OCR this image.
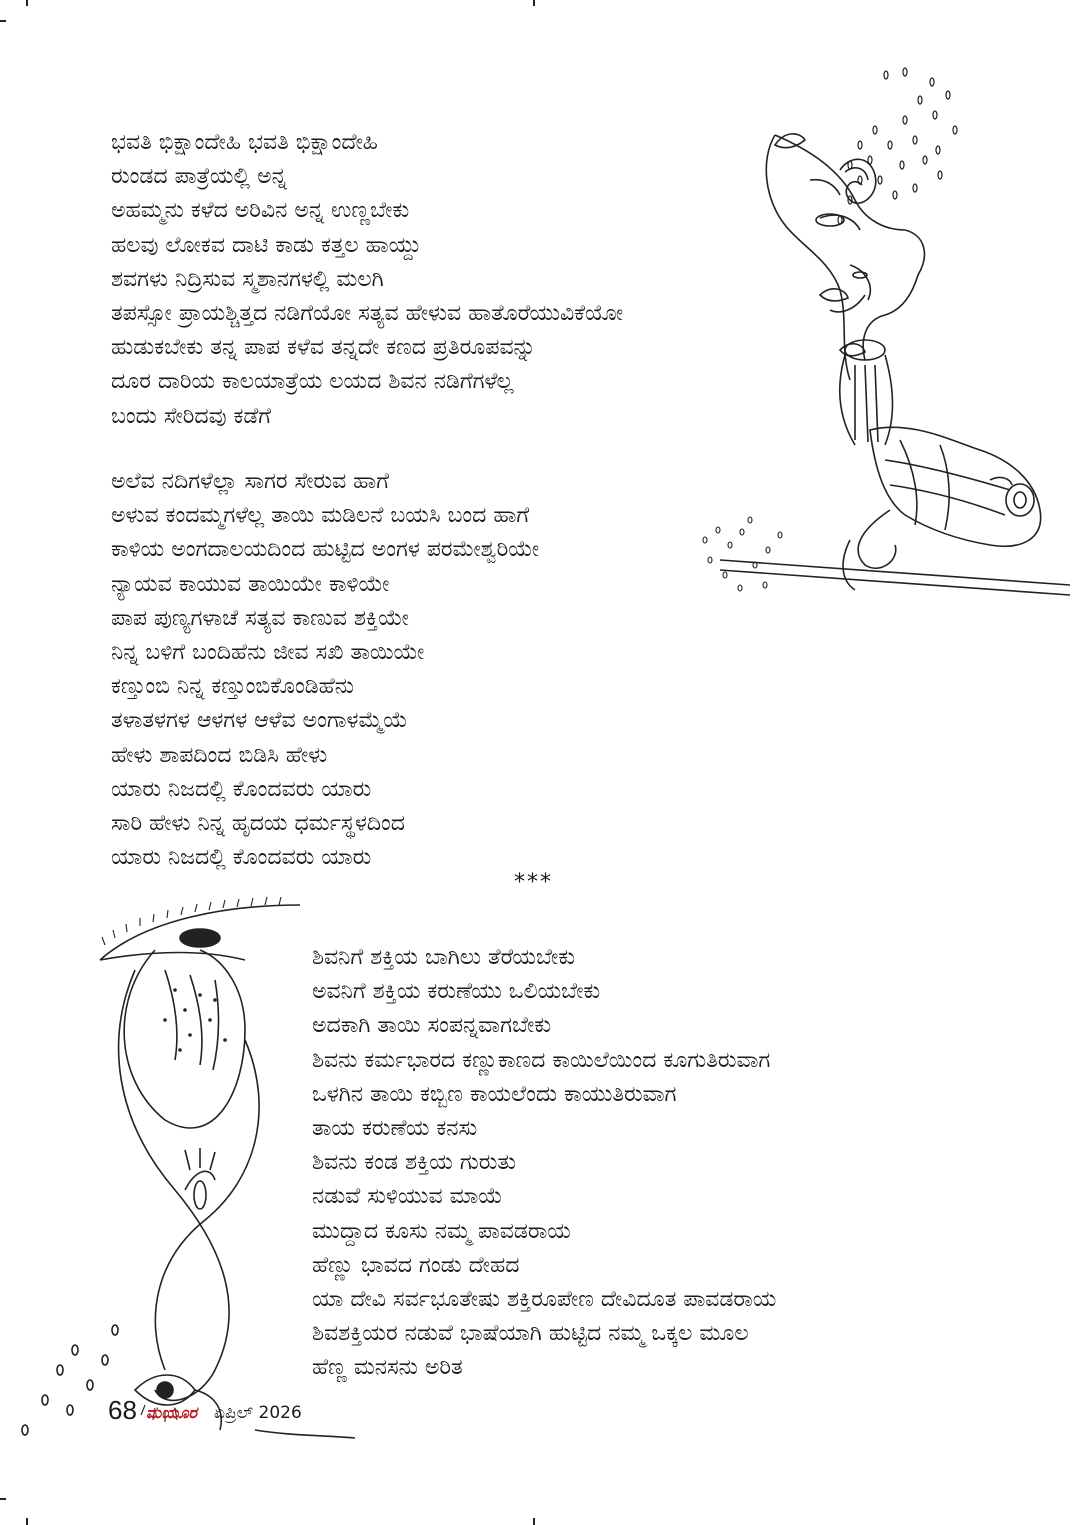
ಭವತಿ ಭಿಕ್ಷಾಂದೇಹಿ ಭವತಿ ಭಿಕ್ಷಾಂದೇಹಿ
ರುಂಡದ ಪಾತ್ರೆಯಲ್ಲಿ ಅನ್ನ
ಅಹಮ್ಮನು ಕಳೆದ ಅರಿವಿನ ಅನ್ನ ಉಣ್ಣಬೇಕು
ಹಲವು ಲೋಕವ ದಾಟಿ ಕಾಡು ಕತ್ತಲ ಹಾಯ್ದು
ಶವಗಳು ನಿದ್ರಿಸುವ ಸ್ಮಶಾನಗಳಲ್ಲಿ ಮಲಗಿ
ತಪಸ್ಸೋ ಪ್ರಾಯಶ್ಚಿತ್ತದ ನಡಿಗೆಯೋ ಸತ್ಯವ ಹೇಳುವ ಹಾತೊರೆಯುವಿಕೆಯೋ
ಹುಡುಕಬೇಕು ತನ್ನ ಪಾಪ ಕಳೆವ ತನ್ನದೇ ಕಣದ ಪ್ರತಿರೂಪವನ್ನು
ದೂರ ದಾರಿಯ ಕಾಲಯಾತ್ರೆಯ ಲಯದ ಶಿವನ ನಡಿಗೆಗಳೆಲ್ಲ
ಬಂದು ಸೇರಿದವು ಕಡೆಗೆ
ಅಲೆವ ನದಿಗಳೆಲ್ಲಾ ಸಾಗರ ಸೇರುವ ಹಾಗೆ
ಅಳುವ ಕಂದಮ್ಮಗಳೆಲ್ಲ ತಾಯಿ ಮಡಿಲನೆ ಬಯಸಿ ಬಂದ ಹಾಗೆ
ಕಾಳಿಯ ಅಂಗದಾಲಯದಿಂದ ಹುಟ್ಟಿದ ಅಂಗಳ ಪರಮೇಶ್ವರಿಯೇ
ನ್ಯಾಯವ ಕಾಯುವ ತಾಯಿಯೇ ಕಾಳಿಯೇ
ಪಾಪ ಪುಣ್ಯಗಳಾಚೆ ಸತ್ಯವ ಕಾಣುವ ಶಕ್ತಿಯೇ
ನಿನ್ನ ಬಳಿಗೆ ಬಂದಿಹೆನು ಜೀವ ಸಖಿ ತಾಯಿಯೇ
ಕಣ್ತುಂಬಿ ನಿನ್ನ ಕಣ್ತುಂಬಿಕೊಂಡಿಹೆನು
ತಳಾತಳಗಳ ಆಳಗಳ ಆಳೆವ ಅಂಗಾಳಮ್ಮೆಯೆ
ಹೇಳು ಶಾಪದಿಂದ ಬಿಡಿಸಿ ಹೇಳು
ಯಾರು ನಿಜದಲ್ಲಿ ಕೊಂದವರು ಯಾರು
ಸಾರಿ ಹೇಳು ನಿನ್ನ ಹೃದಯ ಧರ್ಮಸ್ಥಳದಿಂದ
ಯಾರು ನಿಜದಲ್ಲಿ ಕೊಂದವರು ಯಾರು
***
ಶಿವನಿಗೆ ಶಕ್ತಿಯ ಬಾಗಿಲು ತೆರೆಯಬೇಕು
ಅವನಿಗೆ ಶಕ್ತಿಯ ಕರುಣೆಯು ಒಲಿಯಬೇಕು
ಅದಕಾಗಿ ತಾಯಿ ಸಂಪನ್ನವಾಗಬೇಕು
ಶಿವನು ಕರ್ಮಭಾರದ ಕಣ್ಣುಕಾಣದ ಕಾಯಿಲೆಯಿಂದ ಕೂಗುತಿರುವಾಗ
ಒಳಗಿನ ತಾಯಿ ಕಬ್ಬಿಣ ಕಾಯಲೆಂದು ಕಾಯುತಿರುವಾಗ
ತಾಯ ಕರುಣೆಯ ಕನಸು
ಶಿವನು ಕಂಡ ಶಕ್ತಿಯ ಗುರುತು
ನಡುವೆ ಸುಳಿಯುವ ಮಾಯೆ
ಮುದ್ದಾದ ಕೂಸು ನಮ್ಮ ಪಾವಡರಾಯ
ಹೆಣ್ಣು ಭಾವದ ಗಂಡು ದೇಹದ
ಯಾ ದೇವಿ ಸರ್ವಭೂತೇಷು ಶಕ್ತಿರೂಪೇಣ ದೇವಿದೂತ ಪಾವಡರಾಯ
ಶಿವಶಕ್ತಿಯರ ನಡುವೆ ಭಾಷೆಯಾಗಿ ಹುಟ್ಟಿದ ನಮ್ಮ ಒಕ್ಕಲ ಮೂಲ
ಹೆಣ್ಣ ಮನಸನು ಅರಿತ
68 ಮಯೂರ ಏಪ್ರಿಲ್ 2026
